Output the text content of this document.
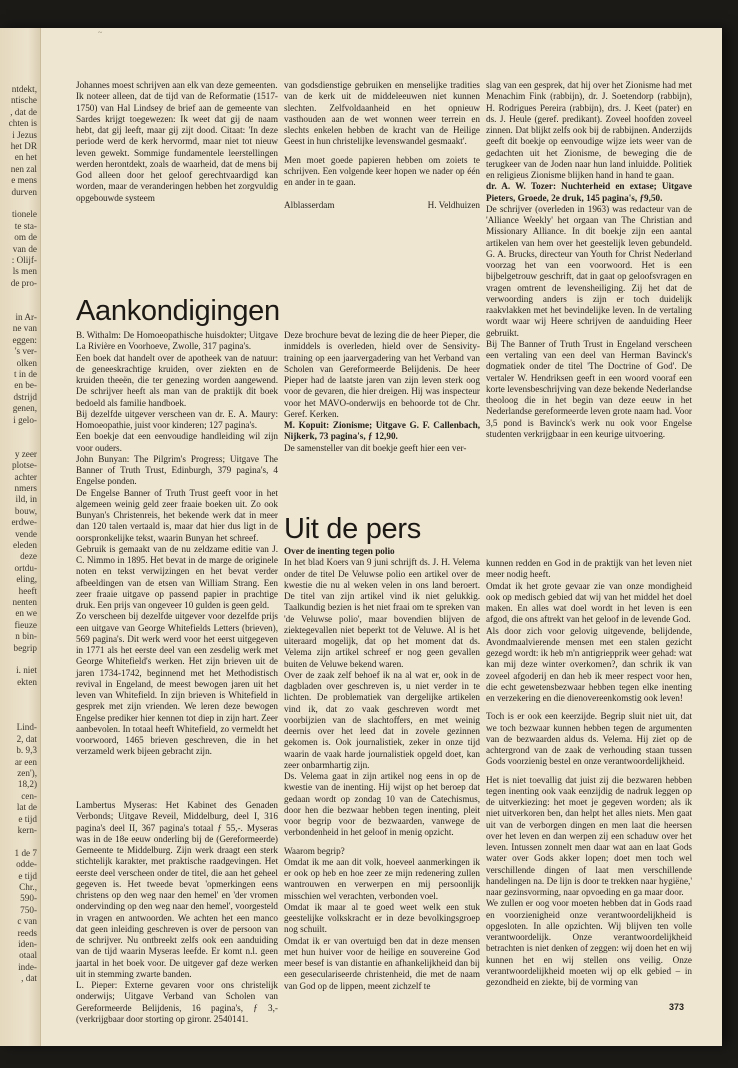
~
ntdekt,
ntische
, dat de
chten is
i Jezus
het DR
en het
nen zal
e mens
durven
tionele
te sta-
om de
van de
: Olijf-
ls men
de pro-
in Ar-
ne van
eggen:
's ver-
olken
t in de
en be-
dstrijd
genen,
i gelo-
y zeer
plotse-
achter
nmers
ild, in
bouw,
erdwe-
vende
eleden
deze
ortdu-
eling,
heeft
nenten
en we
fieuze
n bin-
begrip
i. niet
ekten
Lind-
2, dat
b. 9,3
ar een
zen'),
18,2)
cen-
lat de
e tijd
kern-
1 de 7
odde-
e tijd
Chr.,
590-
750-
c van
reeds
iden-
otaal
inde-
, dat

Johannes moest schrijven aan elk van deze gemeenten.

Ik noteer alleen, dat de tijd van de Reformatie (1517-1750) van Hal Lindsey de brief aan de gemeente van Sardes krijgt toegewezen: Ik weet dat gij de naam hebt, dat gij leeft, maar gij zijt dood. Citaat: 'In deze periode werd de kerk hervormd, maar niet tot nieuw leven gewekt. Sommige fundamentele leerstellingen werden herontdekt, zoals de waarheid, dat de mens bij God alleen door het geloof gerechtvaardigd kan worden, maar de veranderingen hebben het zorgvuldig opgebouwde systeem

van godsdienstige gebruiken en menselijke tradities van de kerk uit de middeleeuwen niet kunnen slechten. Zelfvoldaanheid en het opnieuw vasthouden aan de wet wonnen weer terrein en slechts enkelen hebben de kracht van de Heilige Geest in hun christelijke levenswandel gesmaakt'.

Men moet goede papieren hebben om zoiets te schrijven. Een volgende keer hopen we nader op één en ander in te gaan.

Alblasserdam	H. Veldhuizen

slag van een gesprek, dat hij over het Zionisme had met Menachim Fink (rabbijn), dr. J. Soetendorp (rabbijn), H. Rodrigues Pereira (rabbijn), drs. J. Keet (pater) en ds. J. Heule (geref. predikant). Zoveel hoofden zoveel zinnen. Dat blijkt zelfs ook bij de rabbijnen. Anderzijds geeft dit boekje op eenvoudige wijze iets weer van de gedachten uit het Zionisme, de beweging die de terugkeer van de Joden naar hun land inluidde. Politiek en religieus Zionisme blijken hand in hand te gaan.

dr. A. W. Tozer: Nuchterheid en extase; Uitgave Pieters, Groede, 2e druk, 145 pagina's, ƒ9,50.

De schrijver (overleden in 1963) was redacteur van de 'Alliance Weekly' het orgaan van The Christian and Missionary Alliance. In dit boekje zijn een aantal artikelen van hem over het geestelijk leven gebundeld. G. A. Brucks, directeur van Youth for Christ Nederland voorzag het van een voorwoord. Het is een bijbelgetrouw geschrift, dat in gaat op geloofsvragen en vragen omtrent de levensheiliging. Zij het dat de verwoording anders is zijn er toch duidelijk raakvlakken met het bevindelijke leven. In de vertaling wordt waar wij Heere schrijven de aanduiding Heer gebruikt.

Bij The Banner of Truth Trust in Engeland verscheen een vertaling van een deel van Herman Bavinck's dogmatiek onder de titel 'The Doctrine of God'. De vertaler W. Hendriksen geeft in een woord vooraf een korte levensbeschrijving van deze bekende Nederlandse theoloog die in het begin van deze eeuw in het Nederlandse gereformeerde leven grote naam had. Voor 3,5 pond is Bavinck's werk nu ook voor Engelse studenten verkrijgbaar in een keurige uitvoering.

Aankondigingen

B. Withalm: De Homoeopathische huisdokter; Uitgave La Rivière en Voorhoeve, Zwolle, 317 pagina's.

Een boek dat handelt over de apotheek van de natuur: de geneeskrachtige kruiden, over ziekten en de kruiden theeën, die ter genezing worden aangewend. De schrijver heeft als man van de praktijk dit boek bedoeld als familie handboek.

Bij dezelfde uitgever verscheen van dr. E. A. Maury: Homoeopathie, juist voor kinderen; 127 pagina's.

Een boekje dat een eenvoudige handleiding wil zijn voor ouders.

John Bunyan: The Pilgrim's Progress; Uitgave The Banner of Truth Trust, Edinburgh, 379 pagina's, 4 Engelse ponden.

De Engelse Banner of Truth Trust geeft voor in het algemeen weinig geld zeer fraaie boeken uit. Zo ook Bunyan's Christenreis, het bekende werk dat in meer dan 120 talen vertaald is, maar dat hier dus ligt in de oorspronkelijke tekst, waarin Bunyan het schreef.

Gebruik is gemaakt van de nu zeldzame editie van J. C. Nimmo in 1895. Het bevat in de marge de originele noten en tekst verwijzingen en het bevat verder afbeeldingen van de etsen van William Strang. Een zeer fraaie uitgave op passend papier in prachtige druk. Een prijs van ongeveer 10 gulden is geen geld.

Zo verscheen bij dezelfde uitgever voor dezelfde prijs een uitgave van George Whitefields Letters (brieven), 569 pagina's. Dit werk werd voor het eerst uitgegeven in 1771 als het eerste deel van een zesdelig werk met George Whitefield's werken. Het zijn brieven uit de jaren 1734-1742, beginnend met het Methodistisch revival in Engeland, de meest bewogen jaren uit het leven van Whitefield. In zijn brieven is Whitefield in gesprek met zijn vrienden. We leren deze bewogen Engelse prediker hier kennen tot diep in zijn hart. Zeer aanbevolen. In totaal heeft Whitefield, zo vermeldt het voorwoord, 1465 brieven geschreven, die in het verzameld werk bijeen gebracht zijn.

Lambertus Myseras: Het Kabinet des Genaden Verbonds; Uitgave Reveil, Middelburg, deel I, 316 pagina's deel II, 367 pagina's totaal ƒ 55,-. Myseras was in de 18e eeuw onderling bij de (Gereformeerde) Gemeente te Middelburg. Zijn werk draagt een sterk stichtelijk karakter, met praktische raadgevingen. Het eerste deel verscheen onder de titel, die aan het geheel gegeven is. Het tweede bevat 'opmerkingen eens christens op den weg naar den hemel' en 'der vromen ondervinding op den weg naar den hemel', voorgesteld in vragen en antwoorden. We achten het een manco dat geen inleiding geschreven is over de persoon van de schrijver. Nu ontbreekt zelfs ook een aanduiding van de tijd waarin Myseras leefde. Er komt n.l. geen jaartal in het boek voor. De uitgever gaf deze werken uit in stemming zwarte banden.

L. Pieper: Externe gevaren voor ons christelijk onderwijs; Uitgave Verband van Scholen van Gereformeerde Belijdenis, 16 pagina's, ƒ 3,- (verkrijgbaar door storting op gironr. 2540141.

Deze brochure bevat de lezing die de heer Pieper, die inmiddels is overleden, hield over de Sensivity-training op een jaarvergadering van het Verband van Scholen van Gereformeerde Belijdenis. De heer Pieper had de laatste jaren van zijn leven sterk oog voor de gevaren, die hier dreigen. Hij was inspecteur voor het MAVO-onderwijs en behoorde tot de Chr. Geref. Kerken.

M. Kopuit: Zionisme; Uitgave G. F. Callenbach, Nijkerk, 73 pagina's, ƒ 12,90.

De samensteller van dit boekje geeft hier een ver-

Uit de pers

Over de inenting tegen polio

In het blad Koers van 9 juni schrijft ds. J. H. Velema onder de titel De Veluwse polio een artikel over de kwestie die nu al weken velen in ons land beroert. De titel van zijn artikel vind ik niet gelukkig. Taalkundig bezien is het niet fraai om te spreken van 'de Veluwse polio', maar bovendien blijven de ziektegevallen niet beperkt tot de Veluwe. Al is het uiteraard mogelijk, dat op het moment dat ds. Velema zijn artikel schreef er nog geen gevallen buiten de Veluwe bekend waren.

Over de zaak zelf behoef ik na al wat er, ook in de dagbladen over geschreven is, u niet verder in te lichten. De problematiek van dergelijke artikelen vind ik, dat zo vaak geschreven wordt met voorbijzien van de slachtoffers, en met weinig deernis over het leed dat in zovele gezinnen gekomen is. Ook journalistiek, zeker in onze tijd waarin de vaak harde journalistiek opgeld doet, kan zeer onbarmhartig zijn.

Ds. Velema gaat in zijn artikel nog eens in op de kwestie van de inenting. Hij wijst op het beroep dat gedaan wordt op zondag 10 van de Catechismus, door hen die bezwaar hebben tegen inenting, pleit voor begrip voor de bezwaarden, vanwege de verbondenheid in het geloof in menig opzicht.

Waarom begrip?

Omdat ik me aan dit volk, hoeveel aanmerkingen ik er ook op heb en hoe zeer ze mijn redenering zullen wantrouwen en verwerpen en mij persoonlijk misschien wel verachten, verbonden voel.

Omdat ik maar al te goed weet welk een stuk geestelijke volkskracht er in deze bevolkingsgroep nog schuilt.

Omdat ik er van overtuigd ben dat in deze mensen met hun huiver voor de heilige en souvereine God meer besef is van distantie en afhankelijkheid dan bij een geseculariseerde christenheid, die met de naam van God op de lippen, meent zichzelf te

kunnen redden en God in de praktijk van het leven niet meer nodig heeft.

Omdat ik het grote gevaar zie van onze mondigheid ook op medisch gebied dat wij van het middel het doel maken. En alles wat doel wordt in het leven is een afgod, die ons aftrekt van het geloof in de levende God.

Als door zich voor gelovig uitgevende, belijdende, Avondmaalvierende mensen met een stalen gezicht gezegd wordt: ik heb m'n antigriepprik weer gehad: wat kan mij deze winter overkomen?, dan schrik ik van zoveel afgoderij en dan heb ik meer respect voor hen, die echt gewetensbezwaar hebben tegen elke inenting en verzekering en die dienovereenkomstig ook leven!

Toch is er ook een keerzijde. Begrip sluit niet uit, dat we toch bezwaar kunnen hebben tegen de argumenten van de bezwaarden aldus ds. Velema. Hij ziet op de achtergrond van de zaak de verhouding staan tussen Gods voorzienig bestel en onze verantwoordelijkheid.

Het is niet toevallig dat juist zij die bezwaren hebben tegen inenting ook vaak eenzijdig de nadruk leggen op de uitverkiezing: het moet je gegeven worden; als ik niet uitverkoren ben, dan helpt het alles niets. Men gaat uit van de verborgen dingen en men laat die heersen over het leven en dan werpen zij een schaduw over het leven. Intussen zonnelt men daar wat aan en laat Gods water over Gods akker lopen; doet men toch wel verschillende dingen of laat men verschillende handelingen na. De lijn is door te trekken naar hygiëne,' naar gezinsvorming, naar opvoeding en ga maar door.

We zullen er oog voor moeten hebben dat in Gods raad en voorzienigheid onze verantwoordelijkheid is opgesloten. In alle opzichten. Wij blijven ten volle verantwoordelijk. Onze verantwoordelijkheid betrachten is niet denken of zeggen: wij doen het en wij kunnen het en wij stellen ons veilig. Onze verantwoordelijkheid moeten wij op elk gebied – in gezondheid en ziekte, bij de vorming van

373
